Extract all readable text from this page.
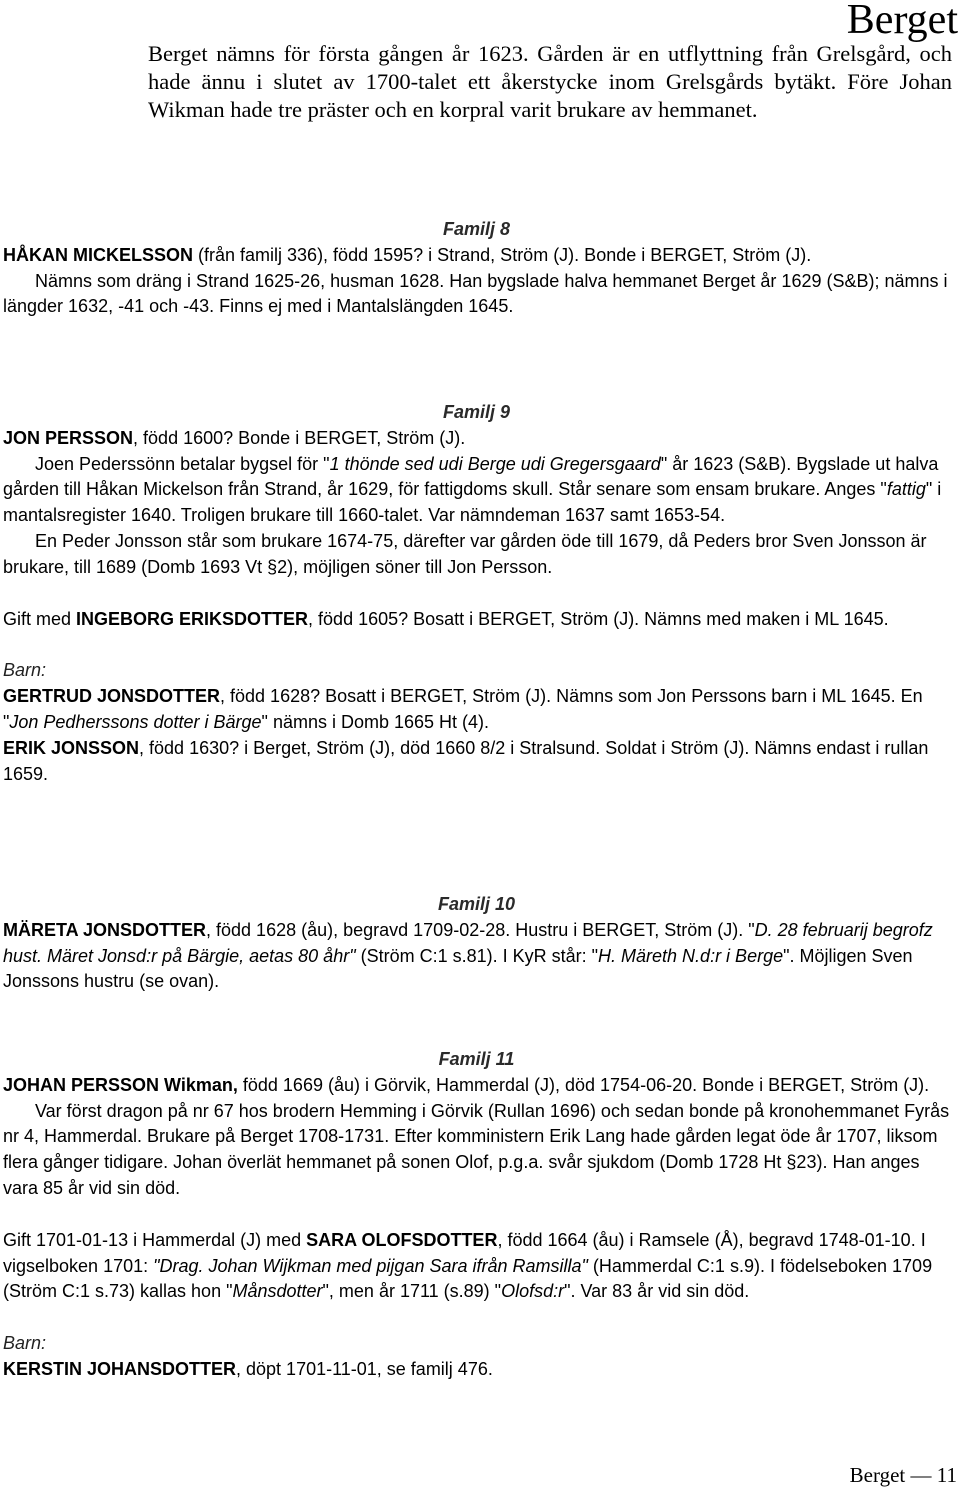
Berget

Berget nämns för första gången år 1623. Gården är en utflyttning från Grelsgård, och hade ännu i slutet av 1700-talet ett åkerstycke inom Grelsgårds bytäkt. Före Johan Wikman hade tre präster och en korpral varit brukare av hemmanet.

Familj 8

HÅKAN MICKELSSON (från familj 336), född 1595? i Strand, Ström (J). Bonde i BERGET, Ström (J).

Nämns som dräng i Strand 1625-26, husman 1628. Han bygslade halva hemmanet Berget år 1629 (S&B); nämns i längder 1632, -41 och -43. Finns ej med i Mantalslängden 1645.

Familj 9

JON PERSSON, född 1600? Bonde i BERGET, Ström (J).

Joen Pederssönn betalar bygsel för "1 thönde sed udi Berge udi Gregersgaard" år 1623 (S&B). Bygslade ut halva gården till Håkan Mickelson från Strand, år 1629, för fattigdoms skull. Står senare som ensam brukare. Anges "fattig" i mantalsregister 1640. Troligen brukare till 1660-talet. Var nämndeman 1637 samt 1653-54.

En Peder Jonsson står som brukare 1674-75, därefter var gården öde till 1679, då Peders bror Sven Jonsson är brukare, till 1689 (Domb 1693 Vt §2), möjligen söner till Jon Persson.

Gift med INGEBORG ERIKSDOTTER, född 1605? Bosatt i BERGET, Ström (J). Nämns med maken i ML 1645.

Barn:

GERTRUD JONSDOTTER, född 1628? Bosatt i BERGET, Ström (J). Nämns som Jon Perssons barn i ML 1645. En "Jon Pedherssons dotter i Bärge" nämns i Domb 1665 Ht (4).

ERIK JONSSON, född 1630? i Berget, Ström (J), död 1660 8/2 i Stralsund. Soldat i Ström (J). Nämns endast i rullan 1659.

Familj 10

MÄRETA JONSDOTTER, född 1628 (åu), begravd 1709-02-28. Hustru i BERGET, Ström (J). "D. 28 februarij begrofz hust. Märet Jonsd:r på Bärgie, aetas 80 åhr" (Ström C:1 s.81). I KyR står: "H. Märeth N.d:r i Berge". Möjligen Sven Jonssons hustru (se ovan).

Familj 11

JOHAN PERSSON Wikman, född 1669 (åu) i Görvik, Hammerdal (J), död 1754-06-20. Bonde i BERGET, Ström (J).

Var först dragon på nr 67 hos brodern Hemming i Görvik (Rullan 1696) och sedan bonde på kronohemmanet Fyrås nr 4, Hammerdal. Brukare på Berget 1708-1731. Efter komministern Erik Lang hade gården legat öde år 1707, liksom flera gånger tidigare. Johan överlät hemmanet på sonen Olof, p.g.a. svår sjukdom (Domb 1728 Ht §23). Han anges vara 85 år vid sin död.

Gift 1701-01-13 i Hammerdal (J) med SARA OLOFSDOTTER, född 1664 (åu) i Ramsele (Å), begravd 1748-01-10. I vigselboken 1701: "Drag. Johan Wijkman med pijgan Sara ifrån Ramsilla" (Hammerdal C:1 s.9). I födelseboken 1709 (Ström C:1 s.73) kallas hon "Månsdotter", men år 1711 (s.89) "Olofsd:r". Var 83 år vid sin död.

Barn:

KERSTIN JOHANSDOTTER, döpt 1701-11-01, se familj 476.

Berget — 11
